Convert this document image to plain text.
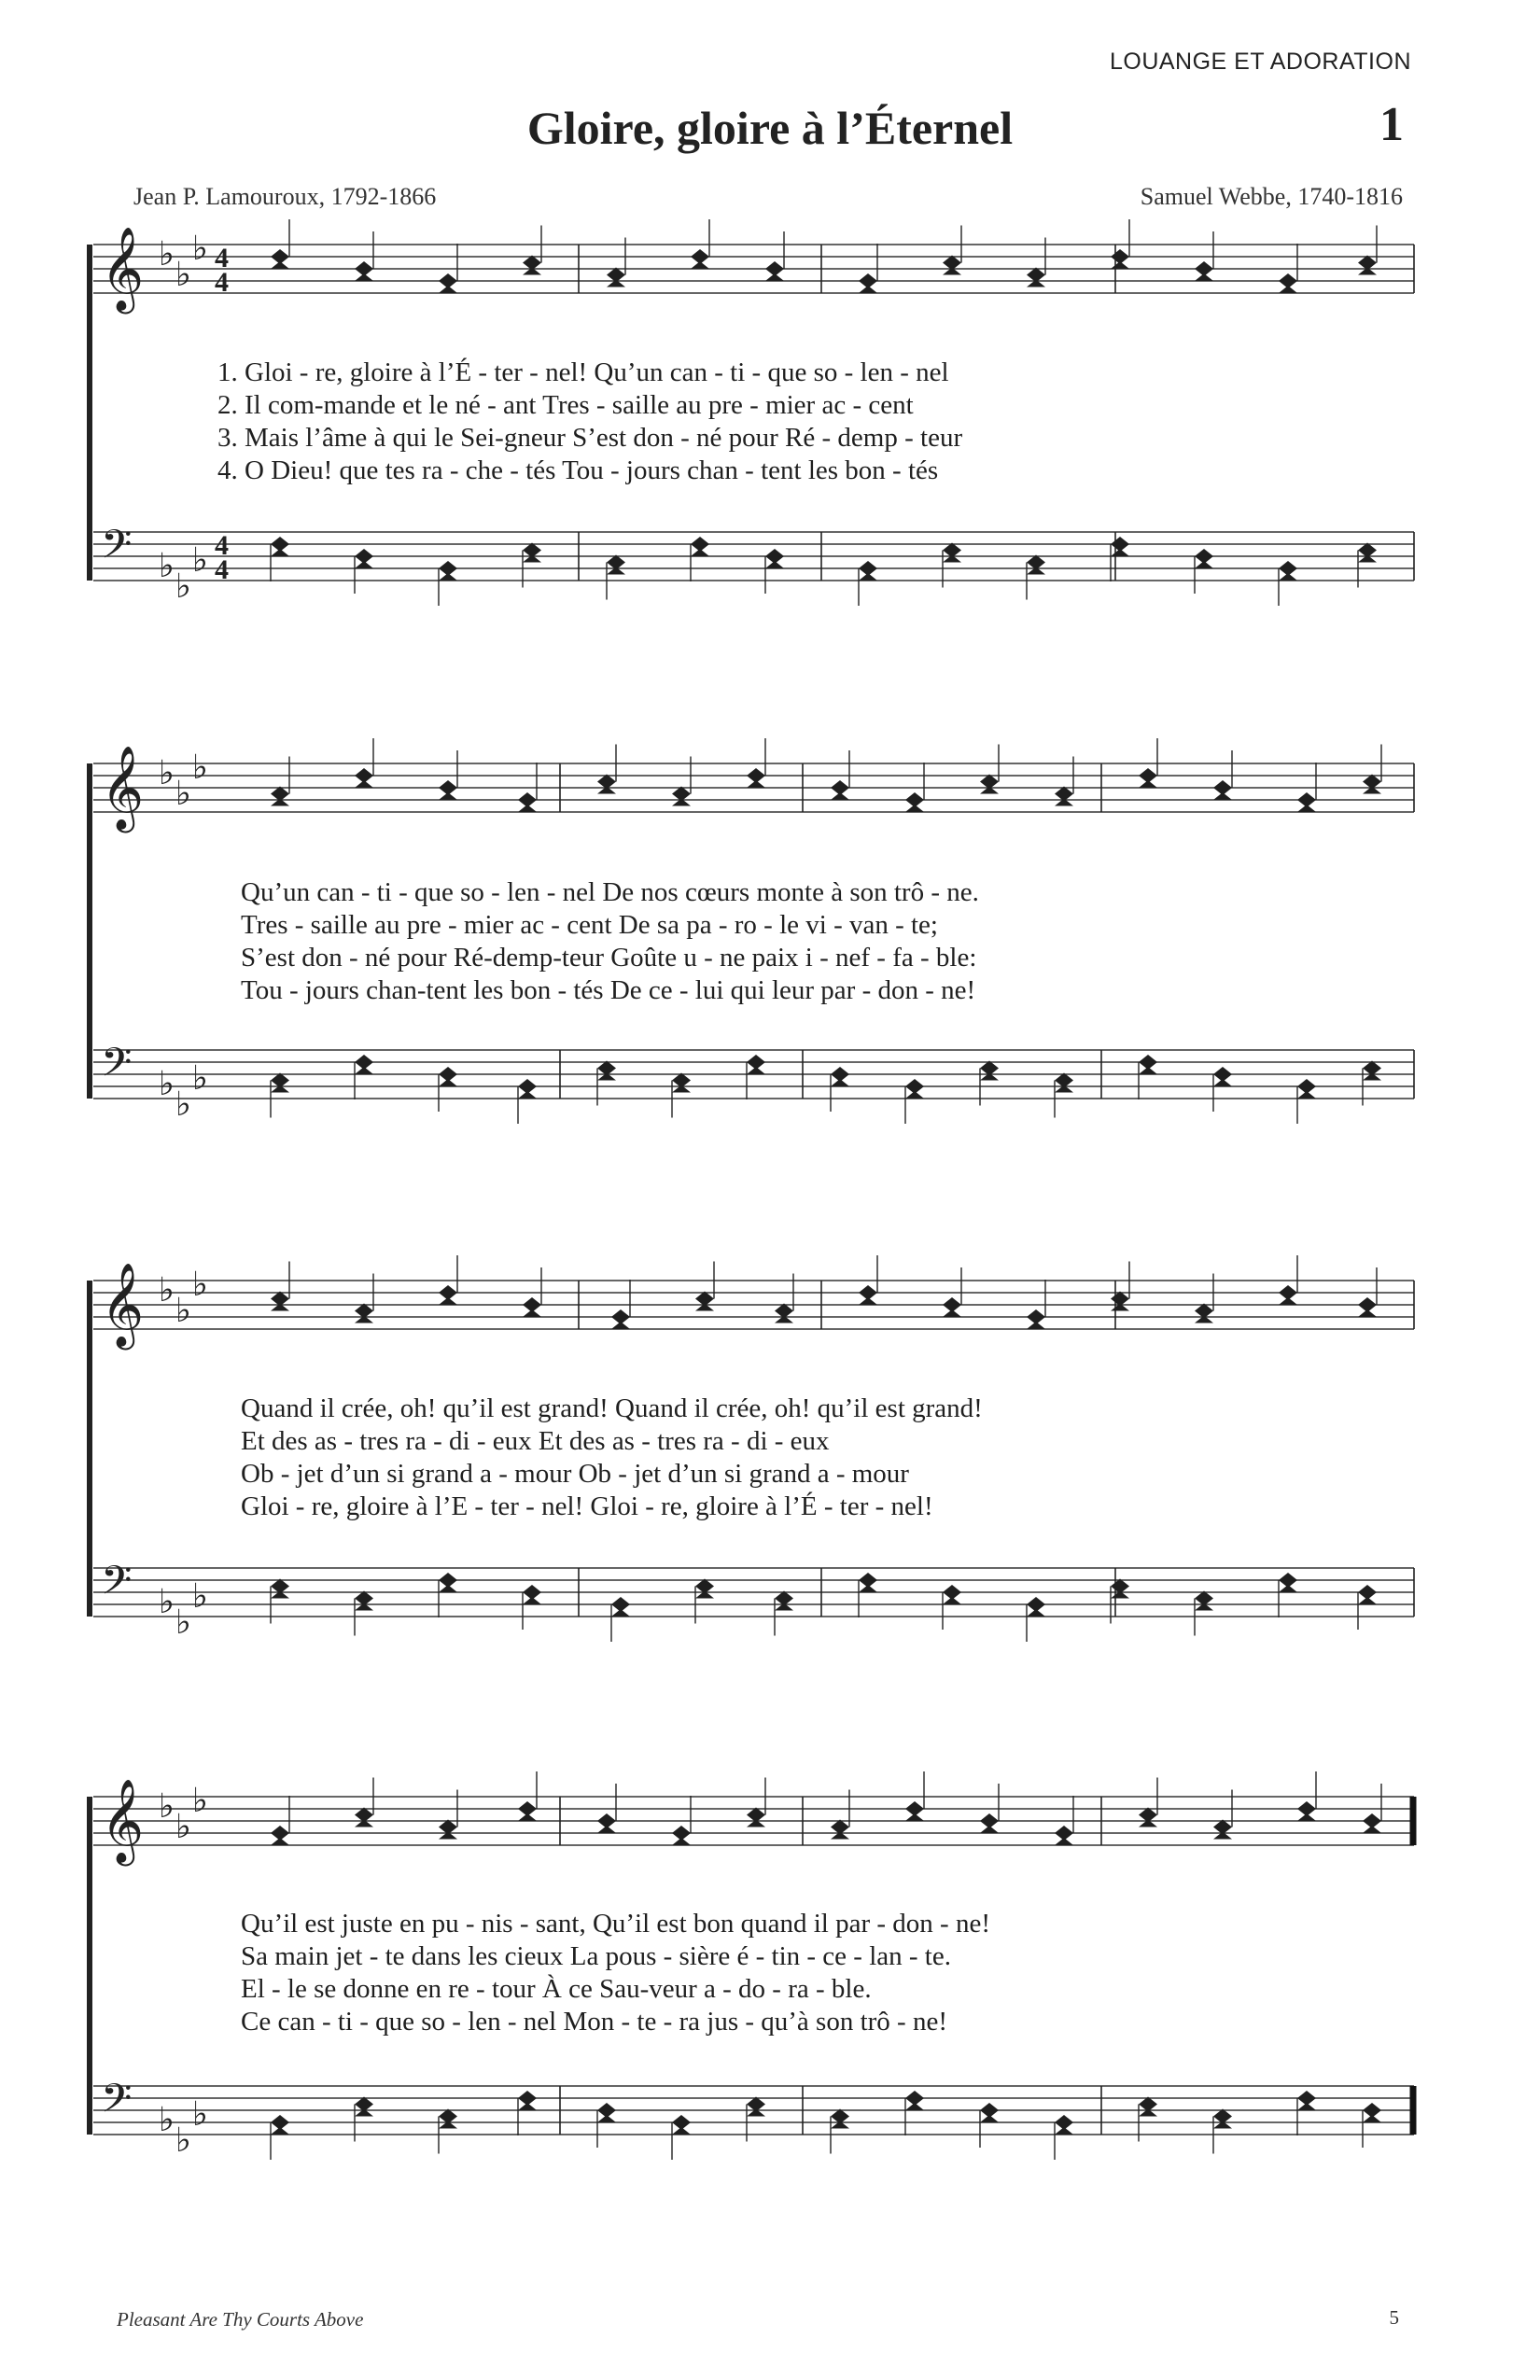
LOUANGE ET ADORATION
Gloire, gloire à l’Éternel	1
Jean P. Lamouroux, 1792-1866	Samuel Webbe, 1740-1816
𝄞 ♭
♭
♭ 4
4
𝄢 ♭
♭
♭ 4
4
1. Gloi - re, gloire à l’É - ter - nel! Qu’un can - ti - que so - len - nel
2. Il com-mande et le né - ant Tres - saille au pre - mier ac - cent
3. Mais l’âme à qui le Sei-gneur S’est don - né pour Ré - demp - teur
4. O Dieu! que tes ra - che - tés Tou - jours chan - tent les bon - tés
𝄞 ♭
♭
♭
𝄢 ♭
♭
♭
Qu’un can - ti - que so - len - nel De nos cœurs monte à son trô - ne.
Tres - saille au pre - mier ac - cent De sa pa - ro - le vi - van - te;
S’est don - né pour Ré-demp-teur Goûte u - ne paix i - nef - fa - ble:
Tou - jours chan-tent les bon - tés De ce - lui qui leur par - don - ne!
𝄞 ♭
♭
♭
𝄢 ♭
♭
♭
Quand il crée, oh! qu’il est grand! Quand il crée, oh! qu’il est grand!
Et des as - tres ra - di - eux Et des as - tres ra - di - eux
Ob - jet d’un si grand a - mour Ob - jet d’un si grand a - mour
Gloi - re, gloire à l’E - ter - nel! Gloi - re, gloire à l’É - ter - nel!
𝄞 ♭
♭
♭
𝄢 ♭
♭
♭
Qu’il est juste en pu - nis - sant, Qu’il est bon quand il par - don - ne!
Sa main jet - te dans les cieux La pous - sière é - tin - ce - lan - te.
El - le se donne en re - tour À ce Sau-veur a - do - ra - ble.
Ce can - ti - que so - len - nel Mon - te - ra jus - qu’à son trô - ne!
Pleasant Are Thy Courts Above	5
